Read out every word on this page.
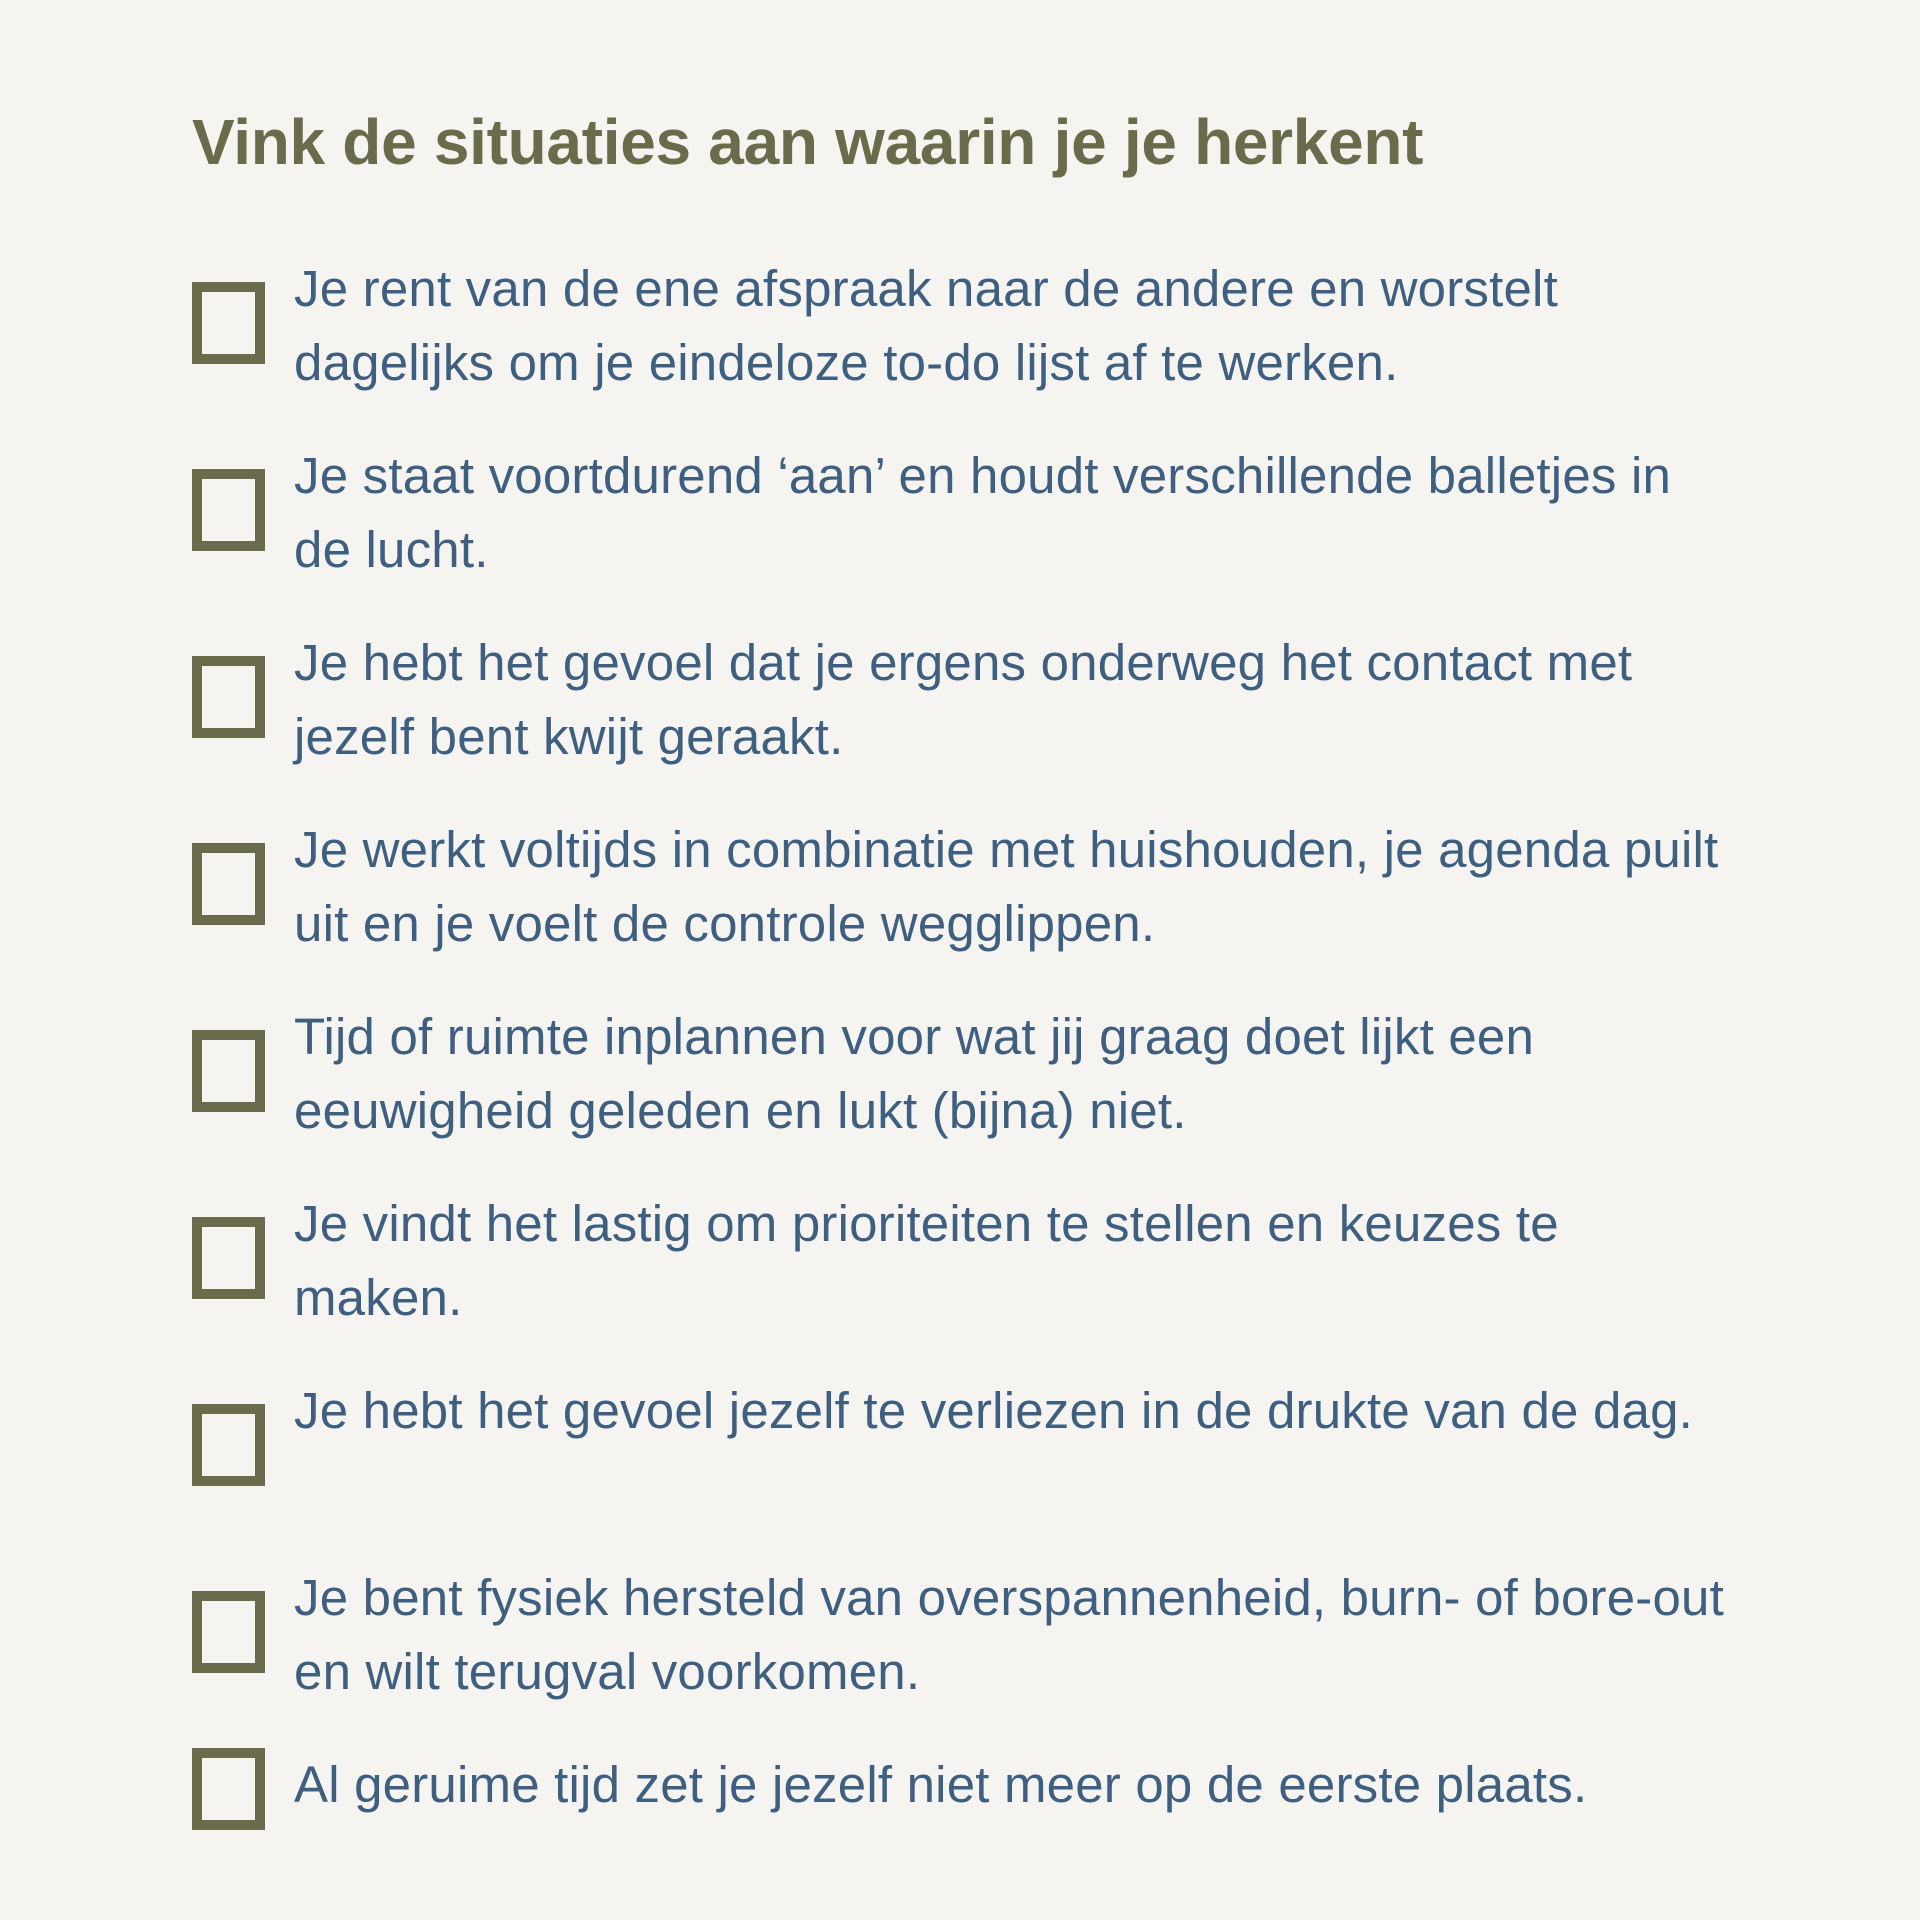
Vink de situaties aan waarin je je herkent

Je rent van de ene afspraak naar de andere en worstelt dagelijks om je eindeloze to-do lijst af te werken.

Je staat voortdurend ‘aan’ en houdt verschillende balletjes in de lucht.

Je hebt het gevoel dat je ergens onderweg het contact met jezelf bent kwijt geraakt.

Je werkt voltijds in combinatie met huishouden, je agenda puilt uit en je voelt de controle wegglippen.

Tijd of ruimte inplannen voor wat jij graag doet lijkt een eeuwigheid geleden en lukt (bijna) niet.

Je vindt het lastig om prioriteiten te stellen en keuzes te maken.

Je hebt het gevoel jezelf te verliezen in de drukte van de dag.

Je bent fysiek hersteld van overspannenheid, burn- of bore-out en wilt terugval voorkomen.

Al geruime tijd zet je jezelf niet meer op de eerste plaats.
